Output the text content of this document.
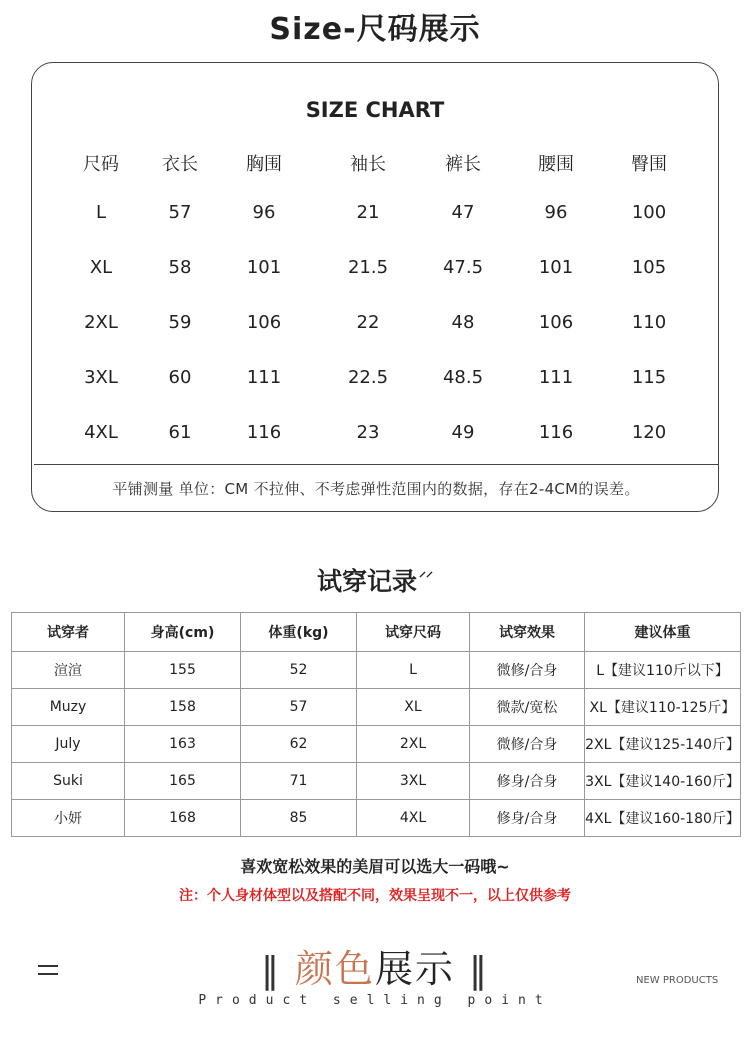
Size-尺码展示
SIZE CHART
尺码	衣长	胸围	袖长	裤长	腰围	臀围
L	57	96	21	47	96	100
XL	58	101	21.5	47.5	101	105
2XL	59	106	22	48	106	110
3XL	60	111	22.5	48.5	111	115
4XL	61	116	23	49	116	120
平铺测量 单位：CM 不拉伸、不考虑弹性范围内的数据，存在2-4CM的误差。
试穿记录 ⸝⸝
试穿者	身高(cm)	体重(kg)	试穿尺码	试穿效果	建议体重
渲渲	155	52	L	微修/合身	L【建议110斤以下】
Muzy	158	57	XL	微款/宽松	XL【建议110-125斤】
July	163	62	2XL	微修/合身	2XL【建议125-140斤】
Suki	165	71	3XL	修身/合身	3XL【建议140-160斤】
小妍	168	85	4XL	修身/合身	4XL【建议160-180斤】
喜欢宽松效果的美眉可以选大一码哦~
注：个人身材体型以及搭配不同，效果呈现不一，以上仅供参考
‖ 颜色展示 ‖
Product selling point
NEW PRODUCTS
